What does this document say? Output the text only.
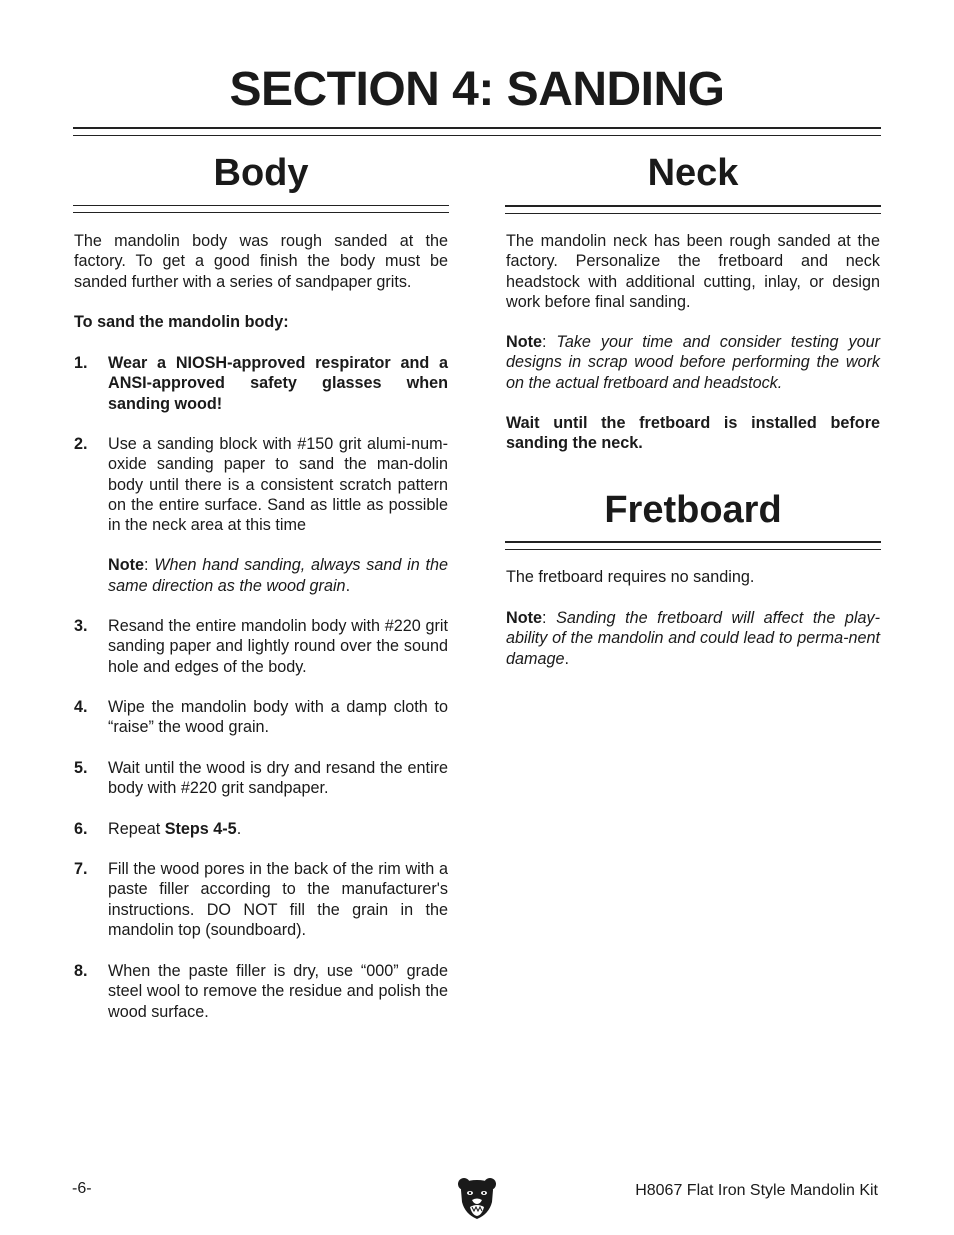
SECTION 4: SANDING
Body

The mandolin body was rough sanded at the factory. To get a good finish the body must be sanded further with a series of sandpaper grits.

To sand the mandolin body:

1. Wear a NIOSH-approved respirator and a ANSI-approved safety glasses when sanding wood!
2. Use a sanding block with #150 grit alumi-num-oxide sanding paper to sand the man-dolin body until there is a consistent scratch pattern on the entire surface. Sand as little as possible in the neck area at this time
Note: When hand sanding, always sand in the same direction as the wood grain.
3. Resand the entire mandolin body with #220 grit sanding paper and lightly round over the sound hole and edges of the body.
4. Wipe the mandolin body with a damp cloth to “raise” the wood grain.
5. Wait until the wood is dry and resand the entire body with #220 grit sandpaper.
6. Repeat Steps 4-5.
7. Fill the wood pores in the back of the rim with a paste filler according to the manufacturer's instructions. DO NOT fill the grain in the mandolin top (soundboard).
8. When the paste filler is dry, use “000” grade steel wool to remove the residue and polish the wood surface.
Neck

The mandolin neck has been rough sanded at the factory. Personalize the fretboard and neck headstock with additional cutting, inlay, or design work before final sanding.

Note: Take your time and consider testing your designs in scrap wood before performing the work on the actual fretboard and headstock.

Wait until the fretboard is installed before sanding the neck.

Fretboard

The fretboard requires no sanding.

Note: Sanding the fretboard will affect the play-ability of the mandolin and could lead to perma-nent damage.

-6-	H8067 Flat Iron Style Mandolin Kit
